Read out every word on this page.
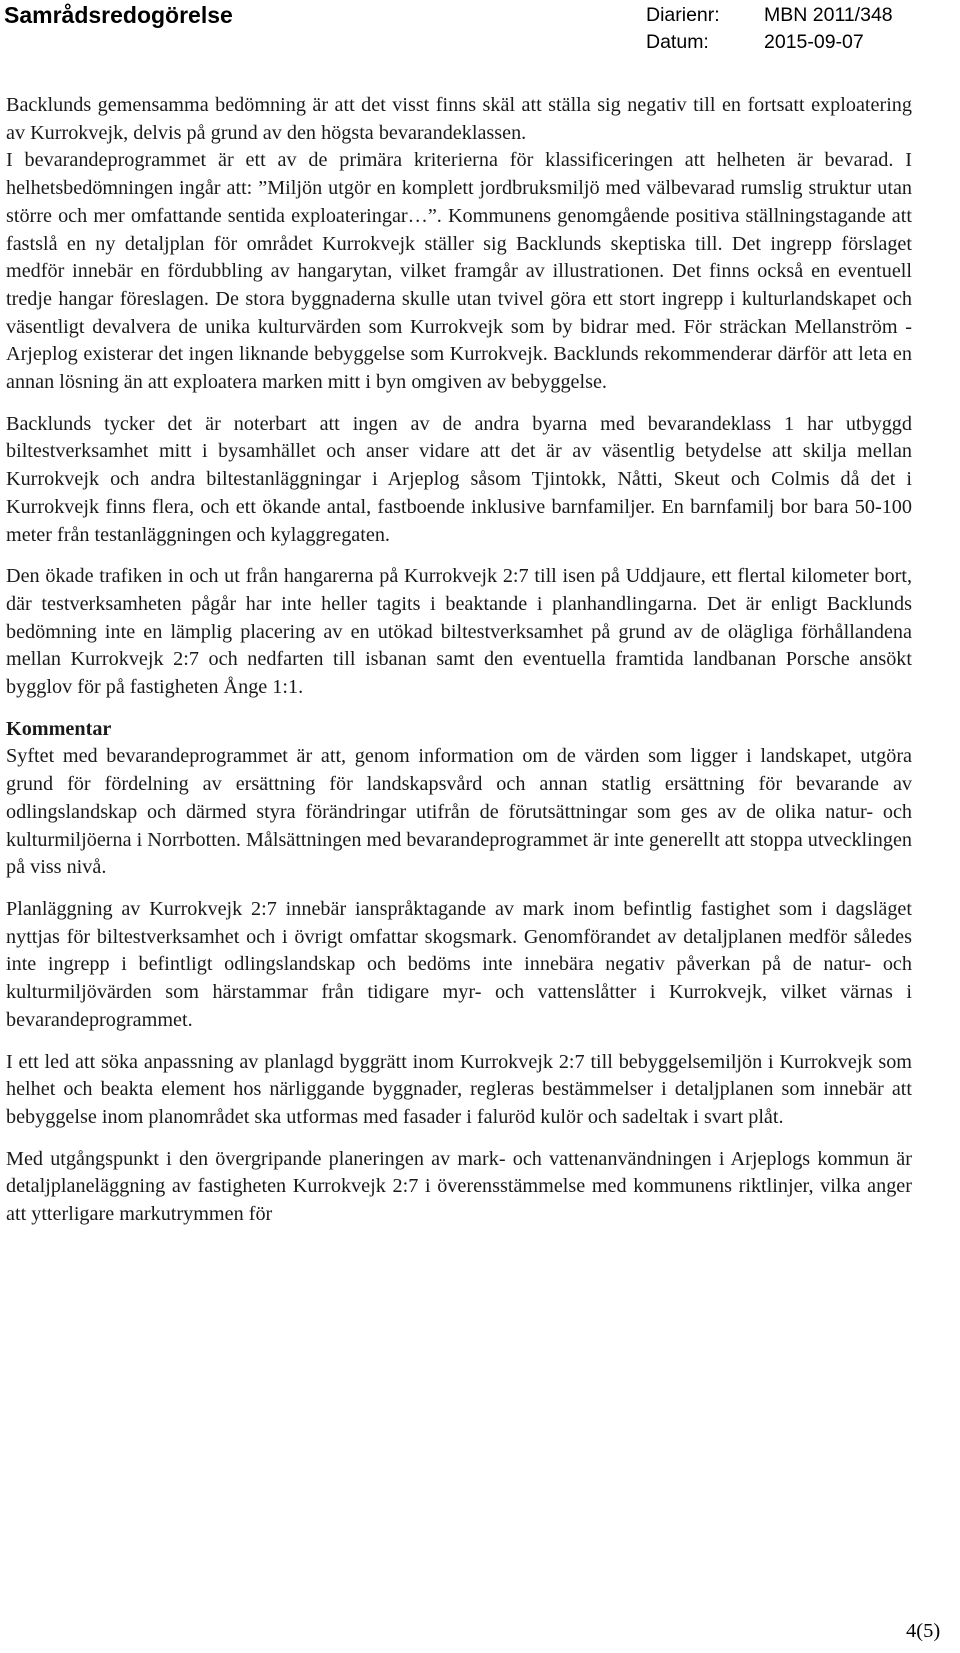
Samrådsredogörelse	Diarienr:	MBN 2011/348
Datum:	2015-09-07

Backlunds gemensamma bedömning är att det visst finns skäl att ställa sig negativ till en fortsatt exploatering av Kurrokvejk, delvis på grund av den högsta bevarandeklassen.

I bevarandeprogrammet är ett av de primära kriterierna för klassificeringen att helheten är bevarad. I helhetsbedömningen ingår att: ”Miljön utgör en komplett jordbruksmiljö med välbevarad rumslig struktur utan större och mer omfattande sentida exploateringar…”. Kommunens genomgående positiva ställningstagande att fastslå en ny detaljplan för området Kurrokvejk ställer sig Backlunds skeptiska till. Det ingrepp förslaget medför innebär en fördubbling av hangarytan, vilket framgår av illustrationen. Det finns också en eventuell tredje hangar föreslagen. De stora byggnaderna skulle utan tvivel göra ett stort ingrepp i kulturlandskapet och väsentligt devalvera de unika kulturvärden som Kurrokvejk som by bidrar med. För sträckan Mellanström - Arjeplog existerar det ingen liknande bebyggelse som Kurrokvejk. Backlunds rekommenderar därför att leta en annan lösning än att exploatera marken mitt i byn omgiven av bebyggelse.

Backlunds tycker det är noterbart att ingen av de andra byarna med bevarandeklass 1 har utbyggd biltestverksamhet mitt i bysamhället och anser vidare att det är av väsentlig betydelse att skilja mellan Kurrokvejk och andra biltestanläggningar i Arjeplog såsom Tjintokk, Nåtti, Skeut och Colmis då det i Kurrokvejk finns flera, och ett ökande antal, fastboende inklusive barnfamiljer. En barnfamilj bor bara 50-100 meter från testanläggningen och kylaggregaten.

Den ökade trafiken in och ut från hangarerna på Kurrokvejk 2:7 till isen på Uddjaure, ett flertal kilometer bort, där testverksamheten pågår har inte heller tagits i beaktande i planhandlingarna. Det är enligt Backlunds bedömning inte en lämplig placering av en utökad biltestverksamhet på grund av de olägliga förhållandena mellan Kurrokvejk 2:7 och nedfarten till isbanan samt den eventuella framtida landbanan Porsche ansökt bygglov för på fastigheten Ånge 1:1.

Kommentar

Syftet med bevarandeprogrammet är att, genom information om de värden som ligger i landskapet, utgöra grund för fördelning av ersättning för landskapsvård och annan statlig ersättning för bevarande av odlingslandskap och därmed styra förändringar utifrån de förutsättningar som ges av de olika natur- och kulturmiljöerna i Norrbotten. Målsättningen med bevarandeprogrammet är inte generellt att stoppa utvecklingen på viss nivå.

Planläggning av Kurrokvejk 2:7 innebär ianspråktagande av mark inom befintlig fastighet som i dagsläget nyttjas för biltestverksamhet och i övrigt omfattar skogsmark. Genomförandet av detaljplanen medför således inte ingrepp i befintligt odlingslandskap och bedöms inte innebära negativ påverkan på de natur- och kulturmiljövärden som härstammar från tidigare myr- och vattenslåtter i Kurrokvejk, vilket värnas i bevarandeprogrammet.

I ett led att söka anpassning av planlagd byggrätt inom Kurrokvejk 2:7 till bebyggelsemiljön i Kurrokvejk som helhet och beakta element hos närliggande byggnader, regleras bestämmelser i detaljplanen som innebär att bebyggelse inom planområdet ska utformas med fasader i faluröd kulör och sadeltak i svart plåt.

Med utgångspunkt i den övergripande planeringen av mark- och vattenanvändningen i Arjeplogs kommun är detaljplaneläggning av fastigheten Kurrokvejk 2:7 i överensstämmelse med kommunens riktlinjer, vilka anger att ytterligare markutrymmen för

4(5)
